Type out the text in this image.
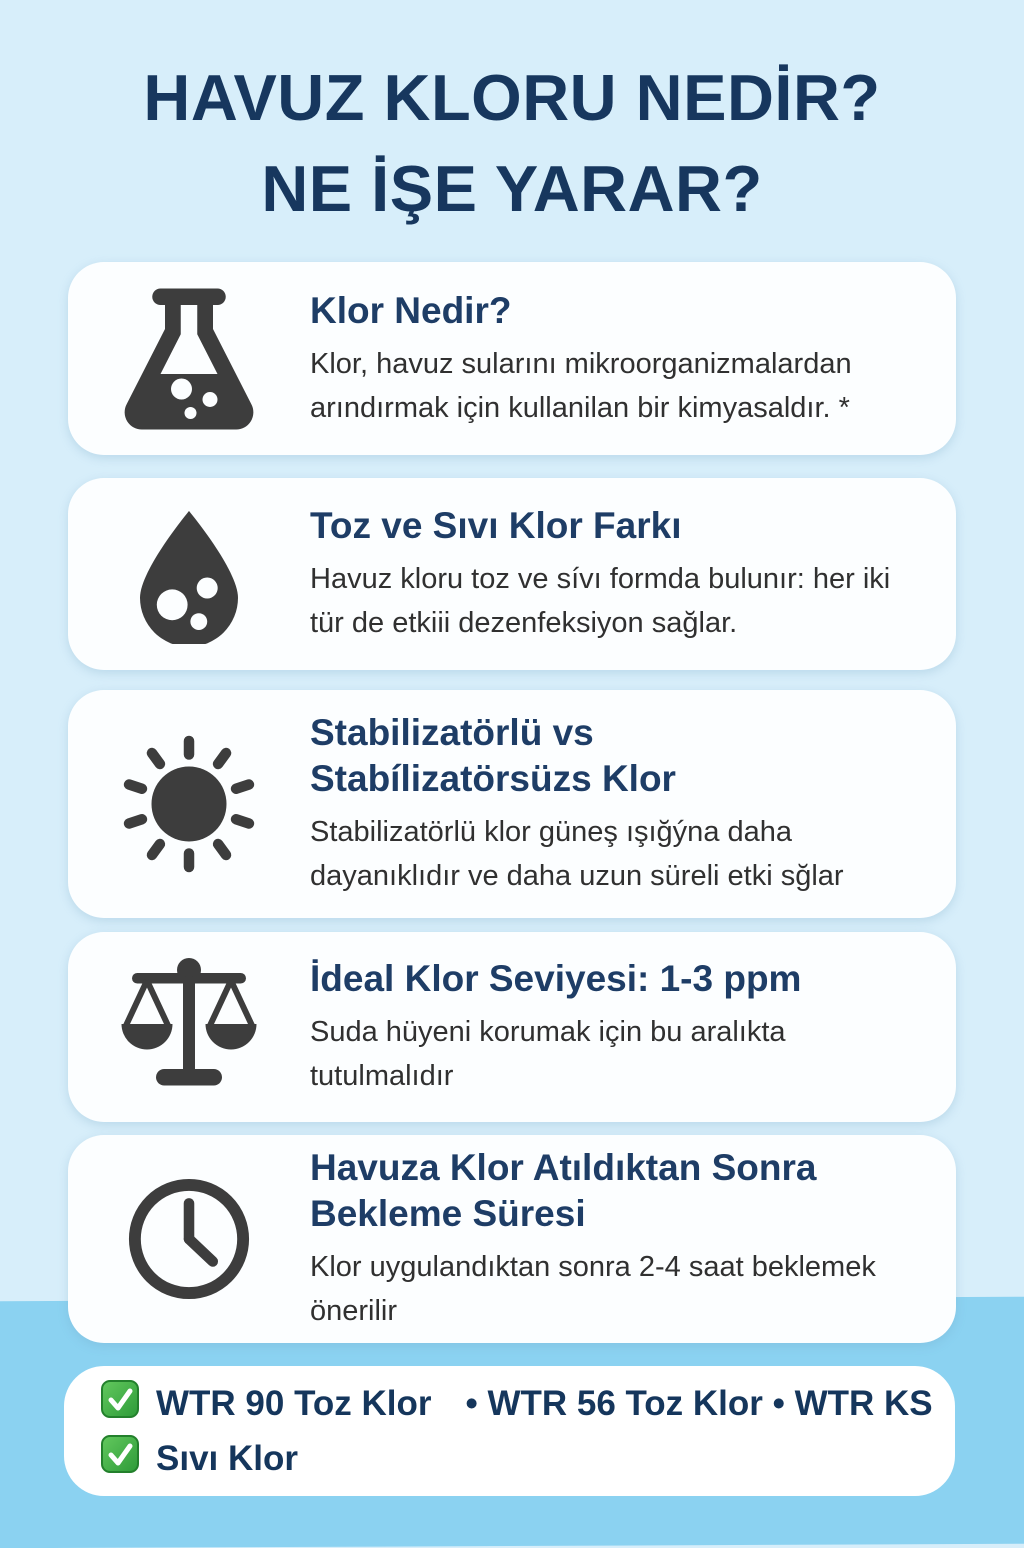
HAVUZ KLORU NEDİR?
NE İŞE YARAR?
Klor Nedir?
Klor, havuz sularını mikroorganizmalardan arındırmak için kullanilan bir kimyasaldır. *
Toz ve Sıvı Klor Farkı
Havuz kloru toz ve sívı formda bulunır: her iki tür de etkiii dezenfeksiyon sağlar.
Stabilizatörlü vs
Stabílizatörsüzs Klor
Stabilizatörlü klor güneş ışığýna daha dayanıklıdır ve daha uzun süreli etki sğlar
İdeal Klor Seviyesi: 1-3 ppm
Suda hüyeni korumak için bu aralıkta tutulmalıdır
Havuza Klor Atıldıktan Sonra
Bekleme Süresi
Klor uygulandıktan sonra 2-4 saat beklemek önerilir
WTR 90 Toz Klor • WTR 56 Toz Klor • WTR KS
Sıvı Klor
